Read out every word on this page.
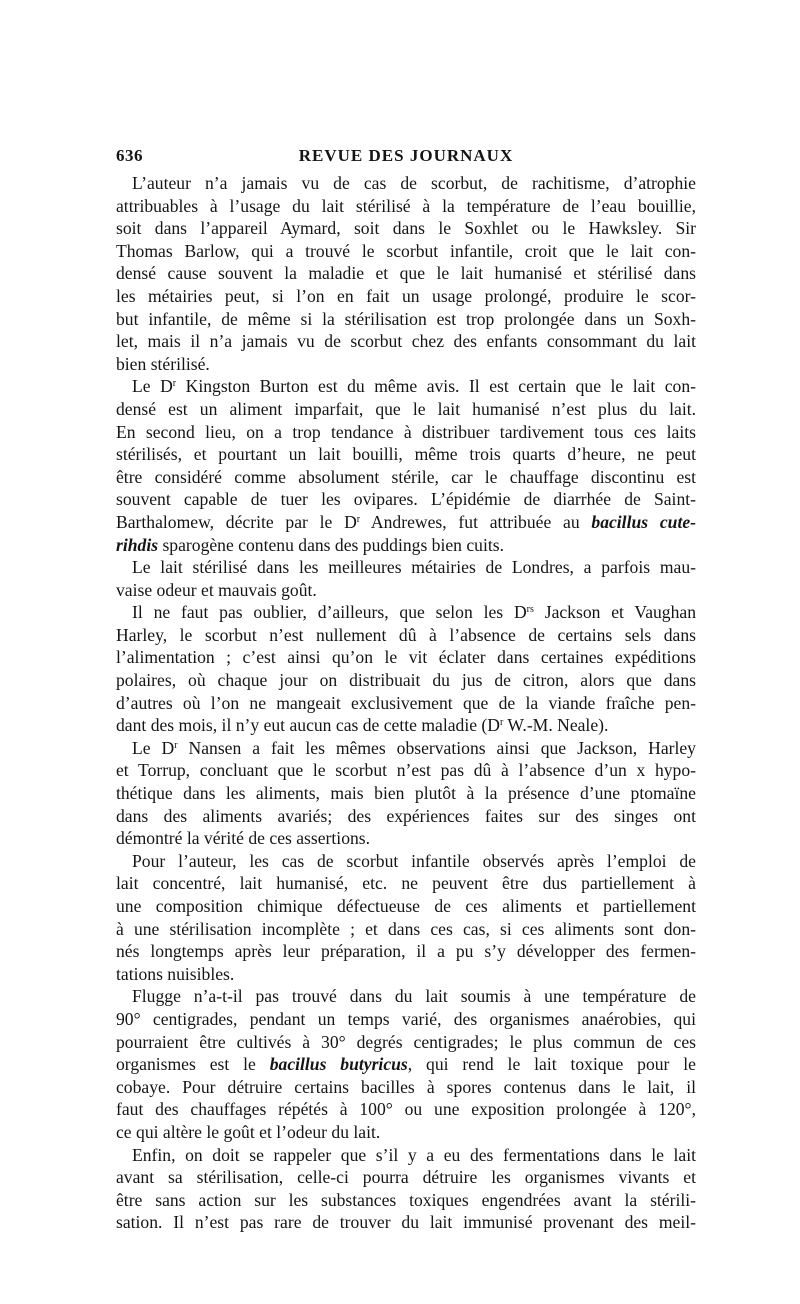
636	REVUE DES JOURNAUX
L’auteur n’a jamais vu de cas de scorbut, de rachitisme, d’atrophie
attribuables à l’usage du lait stérilisé à la température de l’eau bouillie,
soit dans l’appareil Aymard, soit dans le Soxhlet ou le Hawksley. Sir
Thomas Barlow, qui a trouvé le scorbut infantile, croit que le lait con-
densé cause souvent la maladie et que le lait humanisé et stérilisé dans
les métairies peut, si l’on en fait un usage prolongé, produire le scor-
but infantile, de même si la stérilisation est trop prolongée dans un Soxh-
let, mais il n’a jamais vu de scorbut chez des enfants consommant du lait
bien stérilisé.
Le $D^r$ Kingston Burton est du même avis. Il est certain que le lait con-
densé est un aliment imparfait, que le lait humanisé n’est plus du lait.
En second lieu, on a trop tendance à distribuer tardivement tous ces laits
stérilisés, et pourtant un lait bouilli, même trois quarts d’heure, ne peut
être considéré comme absolument stérile, car le chauffage discontinu est
souvent capable de tuer les ovipares. L’épidémie de diarrhée de Saint-
Barthalomew, décrite par le $D^r$ Andrewes, fut attribuée au bacillus cute-
rihdis sparogène contenu dans des puddings bien cuits.
Le lait stérilisé dans les meilleures métairies de Londres, a parfois mau-
vaise odeur et mauvais goût.
Il ne faut pas oublier, d’ailleurs, que selon les $D^{rs}$ Jackson et Vaughan
Harley, le scorbut n’est nullement dû à l’absence de certains sels dans
l’alimentation ; c’est ainsi qu’on le vit éclater dans certaines expéditions
polaires, où chaque jour on distribuait du jus de citron, alors que dans
d’autres où l’on ne mangeait exclusivement que de la viande fraîche pen-
dant des mois, il n’y eut aucun cas de cette maladie ($D^r$ W.-M. Neale).
Le $D^r$ Nansen a fait les mêmes observations ainsi que Jackson, Harley
et Torrup, concluant que le scorbut n’est pas dû à l’absence d’un x hypo-
thétique dans les aliments, mais bien plutôt à la présence d’une ptomaïne
dans des aliments avariés; des expériences faites sur des singes ont
démontré la vérité de ces assertions.
Pour l’auteur, les cas de scorbut infantile observés après l’emploi de
lait concentré, lait humanisé, etc. ne peuvent être dus partiellement à
une composition chimique défectueuse de ces aliments et partiellement
à une stérilisation incomplète ; et dans ces cas, si ces aliments sont don-
nés longtemps après leur préparation, il a pu s’y développer des fermen-
tations nuisibles.
Flugge n’a-t-il pas trouvé dans du lait soumis à une température de
90° centigrades, pendant un temps varié, des organismes anaérobies, qui
pourraient être cultivés à 30° degrés centigrades; le plus commun de ces
organismes est le bacillus butyricus, qui rend le lait toxique pour le
cobaye. Pour détruire certains bacilles à spores contenus dans le lait, il
faut des chauffages répétés à 100° ou une exposition prolongée à 120°,
ce qui altère le goût et l’odeur du lait.
Enfin, on doit se rappeler que s’il y a eu des fermentations dans le lait
avant sa stérilisation, celle-ci pourra détruire les organismes vivants et
être sans action sur les substances toxiques engendrées avant la stérili-
sation. Il n’est pas rare de trouver du lait immunisé provenant des meil-
